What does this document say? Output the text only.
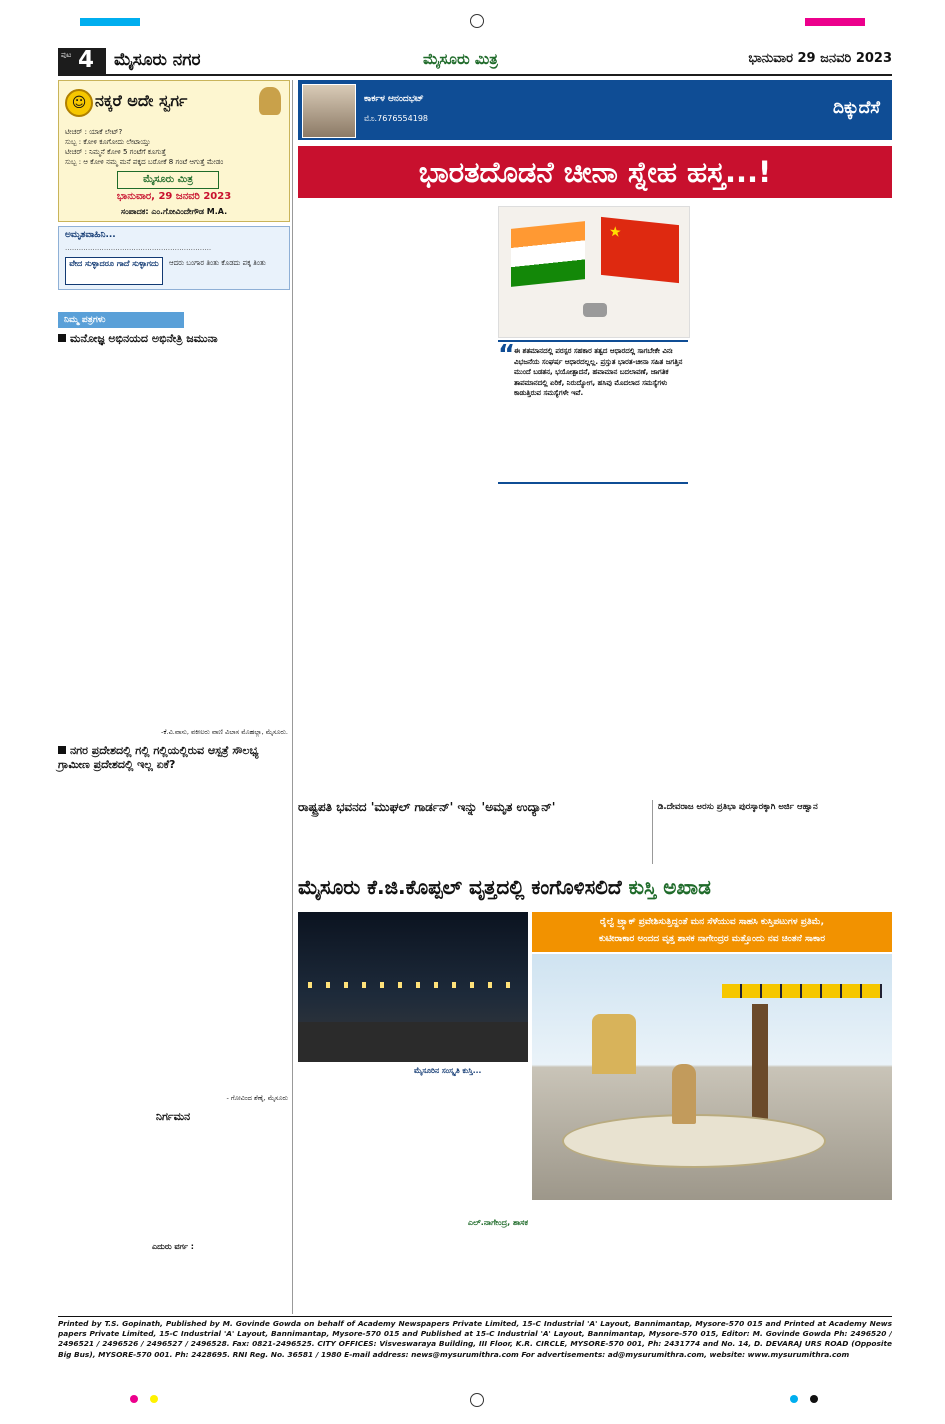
ಪುಟ 4 ಮೈಸೂರು ನಗರ	ಮೈಸೂರು ಮಿತ್ರ	ಭಾನುವಾರ 29 ಜನವರಿ 2023
☺ ನಕ್ಕರೆ ಅದೇ ಸ್ವರ್ಗ
ಟೀಚರ್ : ಯಾಕೆ ಲೇಟ್?
ಸುಬ್ಬ : ಕೋಳಿ ಕೂಗೋದು ಲೇಟಾಯ್ತು
ಟೀಚರ್ : ನಿಮ್ಮನೆ ಕೋಳಿ 5 ಗಂಟೆಗೆ ಕೂಗುತ್ತೆ
ಸುಬ್ಬ : ಆ ಕೋಳಿ ನಮ್ಮ ಮನೆ ಪಕ್ಕದ ಬರೋಕೆ 8 ಗಂಟೆ ಆಗುತ್ತೆ ಮೇಡಂ
ಮೈಸೂರು ಮಿತ್ರ
ಭಾನುವಾರ, 29 ಜನವರಿ 2023
ಸಂಪಾದಕ: ಎಂ.ಗೋವಿಂದೇಗೌಡ M.A.
ಅಮೃತವಾಹಿನಿ...
................................................................
ವೇದ ಸುಳ್ಳಾದರೂ ಗಾದೆ ಸುಳ್ಳಾಗದು	ಆದರು ಬಂಗಾರ ತಿಂತು ಕೊಡದು ಪಕ್ಕ ತಿಂತು
ನಿಮ್ಮ ಪತ್ರಗಳು
ಮನೋಜ್ಞ ಅಭಿನಯದ ಅಭಿನೇತ್ರಿ ಜಮುನಾ
-ಕೆ.ವಿ.ವಾಸು, ವಕೀಲರು ವಾಣಿ ವಿಲಾಸ ಮೊಹಲ್ಲಾ, ಮೈಸೂರು.
ನಗರ ಪ್ರದೇಶದಲ್ಲಿ ಗಲ್ಲಿ ಗಲ್ಲಿಯಲ್ಲಿರುವ ಆಸ್ಪತ್ರೆ ಸೌಲಭ್ಯ ಗ್ರಾಮೀಣ ಪ್ರದೇಶದಲ್ಲಿ ಇಲ್ಲ ಏಕೆ?
- ಗೋವಿಂದ ಶೆಣೈ, ಮೈಸೂರು
ನಿರ್ಗಮನ
ಎದುರು ವರ್ಗ :
ಕಾರ್ಕಳ ಆನಂದಭಟ್
ಮೊ.7676554198
ದಿಕ್ಕುದೆಸೆ
ಭಾರತದೊಡನೆ ಚೀನಾ ಸ್ನೇಹ ಹಸ್ತ...!
★
“
ಈ ಶತಮಾನದಲ್ಲಿ ಪರಸ್ಪರ ಸಹಕಾರ ತತ್ವದ ಆಧಾರದಲ್ಲಿ ಸಾಗಬೇಕೇ ವಿನಃ ವಿಭಜನೆಯ ಸಂಘರ್ಷ ಆಧಾರದಲ್ಲಲ್ಲ. ಪ್ರಸ್ತುತ ಭಾರತ-ಚೀನಾ ಸಹಿತ ಜಗತ್ತಿನ ಮುಂದೆ ಬಡತನ, ಭಯೋತ್ಪಾದನೆ, ಹವಾಮಾನ ಬದಲಾವಣೆ, ಜಾಗತಿಕ ತಾಪಮಾನದಲ್ಲಿ ಏರಿಕೆ, ನಿರುದ್ಯೋಗ, ಹಸಿವು ಮೊದಲಾದ ಸಮಸ್ಯೆಗಳು ಕಾಡುತ್ತಿರುವ ಸಮಸ್ಯೆಗಳೇ ಇವೆ.
ರಾಷ್ಟ್ರಪತಿ ಭವನದ 'ಮುಘಲ್ ಗಾರ್ಡನ್' ಇನ್ನು 'ಅಮೃತ ಉದ್ಯಾನ್'	ಡಿ.ದೇವರಾಜ ಅರಸು ಪ್ರತಿಭಾ ಪುರಸ್ಕಾರಕ್ಕಾಗಿ ಅರ್ಜಿ ಆಹ್ವಾನ
ಮೈಸೂರು ಕೆ.ಜಿ.ಕೊಪ್ಪಲ್ ವೃತ್ತದಲ್ಲಿ ಕಂಗೊಳಿಸಲಿದೆ ಕುಸ್ತಿ ಅಖಾಡ
ರೈಲ್ವೆ ಟ್ರ್ಯಾಕ್ ಪ್ರವೇಶಿಸುತ್ತಿದ್ದಂತೆ ಮನ ಸೆಳೆಯುವ ಸಾಹಸಿ ಕುಸ್ತಿಪಟುಗಳ ಪ್ರತಿಮೆ,
ಕುಟೀರಾಕಾರ ಅಂದದ ವೃತ್ತ ಶಾಸಕ ನಾಗೇಂದ್ರರ ಮತ್ತೊಂದು ನವ ಚಿಂತನೆ ಸಾಕಾರ
ಮೈಸೂರಿನ ಸಂಸ್ಕೃತಿ ಕುಸ್ತಿ...
ಎಲ್.ನಾಗೇಂದ್ರ, ಶಾಸಕ
Printed by T.S. Gopinath, Published by M. Govinde Gowda on behalf of Academy Newspapers Private Limited, 15-C Industrial 'A' Layout, Bannimantap, Mysore-570 015 and Printed at Academy News papers Private Limited, 15-C Industrial 'A' Layout, Bannimantap, Mysore-570 015 and Published at 15-C Industrial 'A' Layout, Bannimantap, Mysore-570 015, Editor: M. Govinde Gowda Ph: 2496520 / 2496521 / 2496526 / 2496527 / 2496528. Fax: 0821-2496525. CITY OFFICES: Visveswaraya Building, III Floor, K.R. CIRCLE, MYSORE-570 001, Ph: 2431774 and No. 14, D. DEVARAJ URS ROAD (Opposite Big Bus), MYSORE-570 001. Ph: 2428695. RNI Reg. No. 36581 / 1980 E-mail address: news@mysurumithra.com For advertisements: ad@mysurumithra.com, website: www.mysurumithra.com
